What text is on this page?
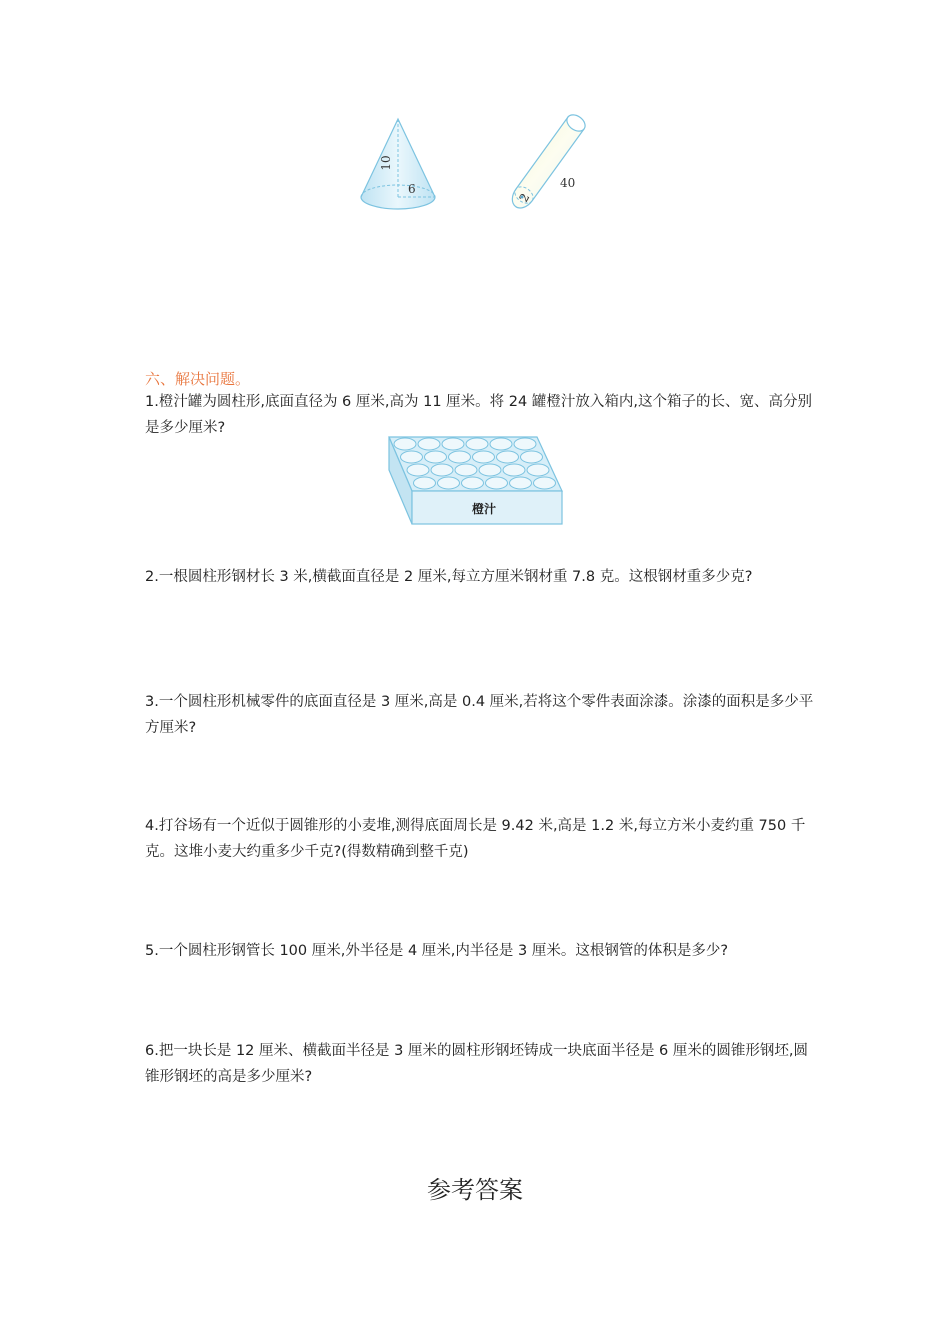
10
6	40
2
六、解决问题。
1.橙汁罐为圆柱形,底面直径为 6 厘米,高为 11 厘米。将 24 罐橙汁放入箱内,这个箱子的长、宽、高分别是多少厘米?
橙汁
2.一根圆柱形钢材长 3 米,横截面直径是 2 厘米,每立方厘米钢材重 7.8 克。这根钢材重多少克?
3.一个圆柱形机械零件的底面直径是 3 厘米,高是 0.4 厘米,若将这个零件表面涂漆。涂漆的面积是多少平方厘米?
4.打谷场有一个近似于圆锥形的小麦堆,测得底面周长是 9.42 米,高是 1.2 米,每立方米小麦约重 750 千克。这堆小麦大约重多少千克?(得数精确到整千克)
5.一个圆柱形钢管长 100 厘米,外半径是 4 厘米,内半径是 3 厘米。这根钢管的体积是多少?
6.把一块长是 12 厘米、横截面半径是 3 厘米的圆柱形钢坯铸成一块底面半径是 6 厘米的圆锥形钢坯,圆锥形钢坯的高是多少厘米?
参考答案
